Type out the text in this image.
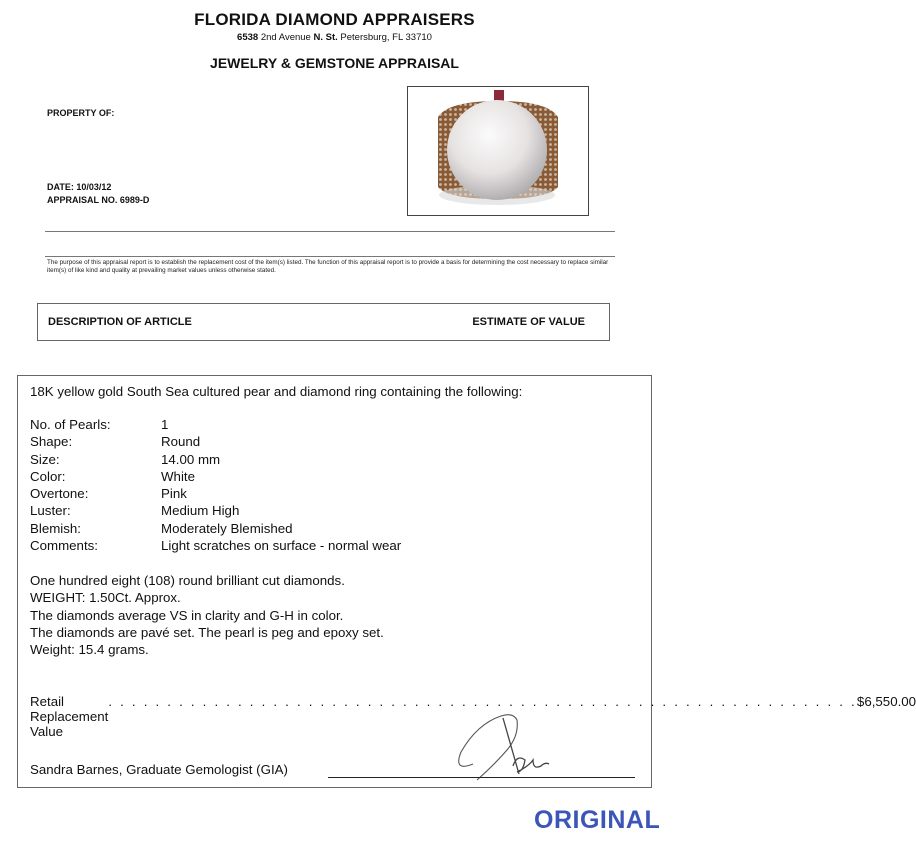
FLORIDA DIAMOND APPRAISERS
6538 2nd Avenue N. St. Petersburg, FL 33710
JEWELRY & GEMSTONE APPRAISAL
PROPERTY OF:
DATE: 10/03/12
APPRAISAL NO. 6989-D
The purpose of this appraisal report is to establish the replacement cost of the item(s) listed. The function of this appraisal report is to provide a basis for determining the cost necessary to replace similar item(s) of like kind and quality at prevailing market values unless otherwise stated.
DESCRIPTION OF ARTICLE	ESTIMATE OF VALUE
18K yellow gold South Sea cultured pear and diamond ring containing the following:
No. of Pearls:	1
Shape:	Round
Size:	14.00 mm
Color:	White
Overtone:	Pink
Luster:	Medium High
Blemish:	Moderately Blemished
Comments:	Light scratches on surface - normal wear
One hundred eight (108) round brilliant cut diamonds.
WEIGHT: 1.50Ct. Approx.
The diamonds average VS in clarity and G-H in color.
The diamonds are pavé set. The pearl is peg and epoxy set.
Weight: 15.4 grams.
Retail Replacement Value
. . . . . . . . . . . . . . . . . . . . . . . . . . . . . . . . . . . . . . . . . . . . . . . . . . . . . . . . . . . . . . . . $6,550.00
Sandra Barnes, Graduate Gemologist (GIA)
ORIGINAL
